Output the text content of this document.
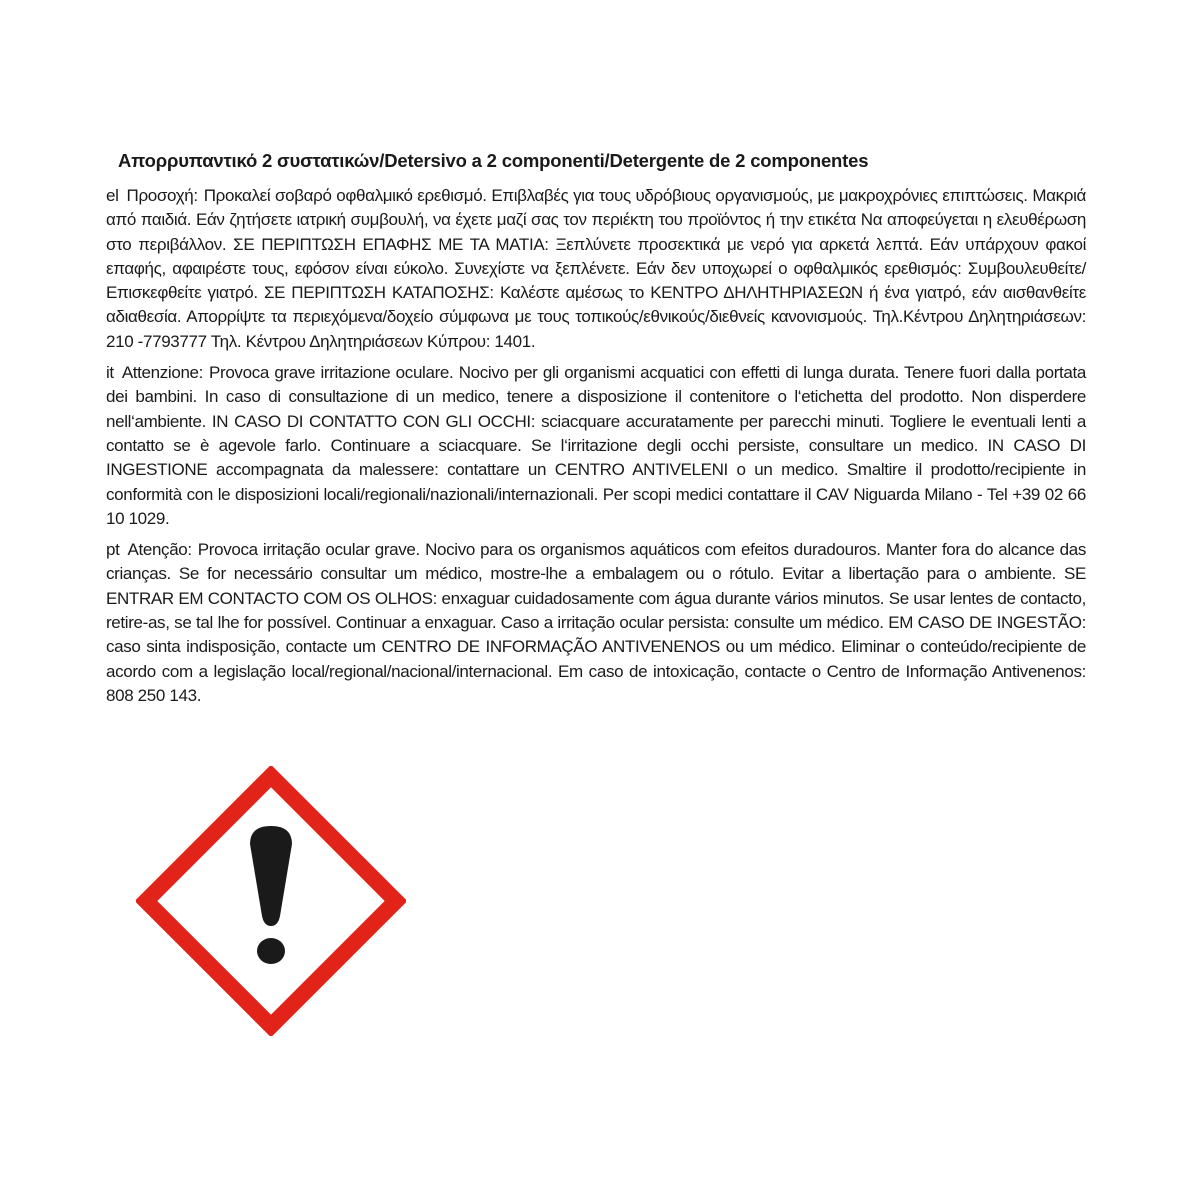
Απορρυπαντικό 2 συστατικών/Detersivo a 2 componenti/Detergente de 2 componentes

el Προσοχή: Προκαλεί σοβαρό οφθαλμικό ερεθισμό. Επιβλαβές για τους υδρόβιους οργανισμούς, με μακροχρόνιες επιπτώσεις. Μακριά από παιδιά. Εάν ζητήσετε ιατρική συμβουλή, να έχετε μαζί σας τον περιέκτη του προϊόντος ή την ετικέτα Να αποφεύγεται η ελευθέρωση στο περιβάλλον. ΣΕ ΠΕΡΙΠΤΩΣΗ ΕΠΑΦΗΣ ΜΕ ΤΑ ΜΑΤΙΑ: Ξεπλύνετε προσεκτικά με νερό για αρκετά λεπτά. Εάν υπάρχουν φακοί επαφής, αφαιρέστε τους, εφόσον είναι εύκολο. Συνεχίστε να ξεπλένετε. Εάν δεν υποχωρεί ο οφθαλμικός ερεθισμός: Συμβουλευθείτε/Επισκεφθείτε γιατρό. ΣΕ ΠΕΡΙΠΤΩΣΗ ΚΑΤΑΠΟΣΗΣ: Καλέστε αμέσως το ΚΕΝΤΡΟ ΔΗΛΗΤΗΡΙΑΣΕΩΝ ή ένα γιατρό, εάν αισθανθείτε αδιαθεσία. Απορρίψτε τα περιεχόμενα/δοχείο σύμφωνα με τους τοπικούς/εθνικούς/διεθνείς κανονισμούς. Τηλ.Κέντρου Δηλητηριάσεων: 210 -7793777 Τηλ. Κέντρου Δηλητηριάσεων Κύπρου: 1401.

it Attenzione: Provoca grave irritazione oculare. Nocivo per gli organismi acquatici con effetti di lunga durata. Tenere fuori dalla portata dei bambini. In caso di consultazione di un medico, tenere a disposizione il contenitore o l‘etichetta del prodotto. Non disperdere nell‘ambiente. IN CASO DI CONTATTO CON GLI OCCHI: sciacquare accuratamente per parecchi minuti. Togliere le eventuali lenti a contatto se è agevole farlo. Continuare a sciacquare. Se l‘irritazione degli occhi persiste, consultare un medico. IN CASO DI INGESTIONE accompagnata da malessere: contattare un CENTRO ANTIVELENI o un medico. Smaltire il prodotto/recipiente in conformità con le disposizioni locali/regionali/nazionali/internazionali. Per scopi medici contattare il CAV Niguarda Milano - Tel +39 02 66 10 1029.

pt Atenção: Provoca irritação ocular grave. Nocivo para os organismos aquáticos com efeitos duradouros. Manter fora do alcance das crianças. Se for necessário consultar um médico, mostre-lhe a embalagem ou o rótulo. Evitar a libertação para o ambiente. SE ENTRAR EM CONTACTO COM OS OLHOS: enxaguar cuidadosamente com água durante vários minutos. Se usar lentes de contacto, retire-as, se tal lhe for possível. Continuar a enxaguar. Caso a irritação ocular persista: consulte um médico. EM CASO DE INGESTÃO: caso sinta indisposição, contacte um CENTRO DE INFORMAÇÃO ANTIVENENOS ou um médico. Eliminar o conteúdo/recipiente de acordo com a legislação local/regional/nacional/internacional. Em caso de intoxicação, contacte o Centro de Informação Antivenenos: 808 250 143.
